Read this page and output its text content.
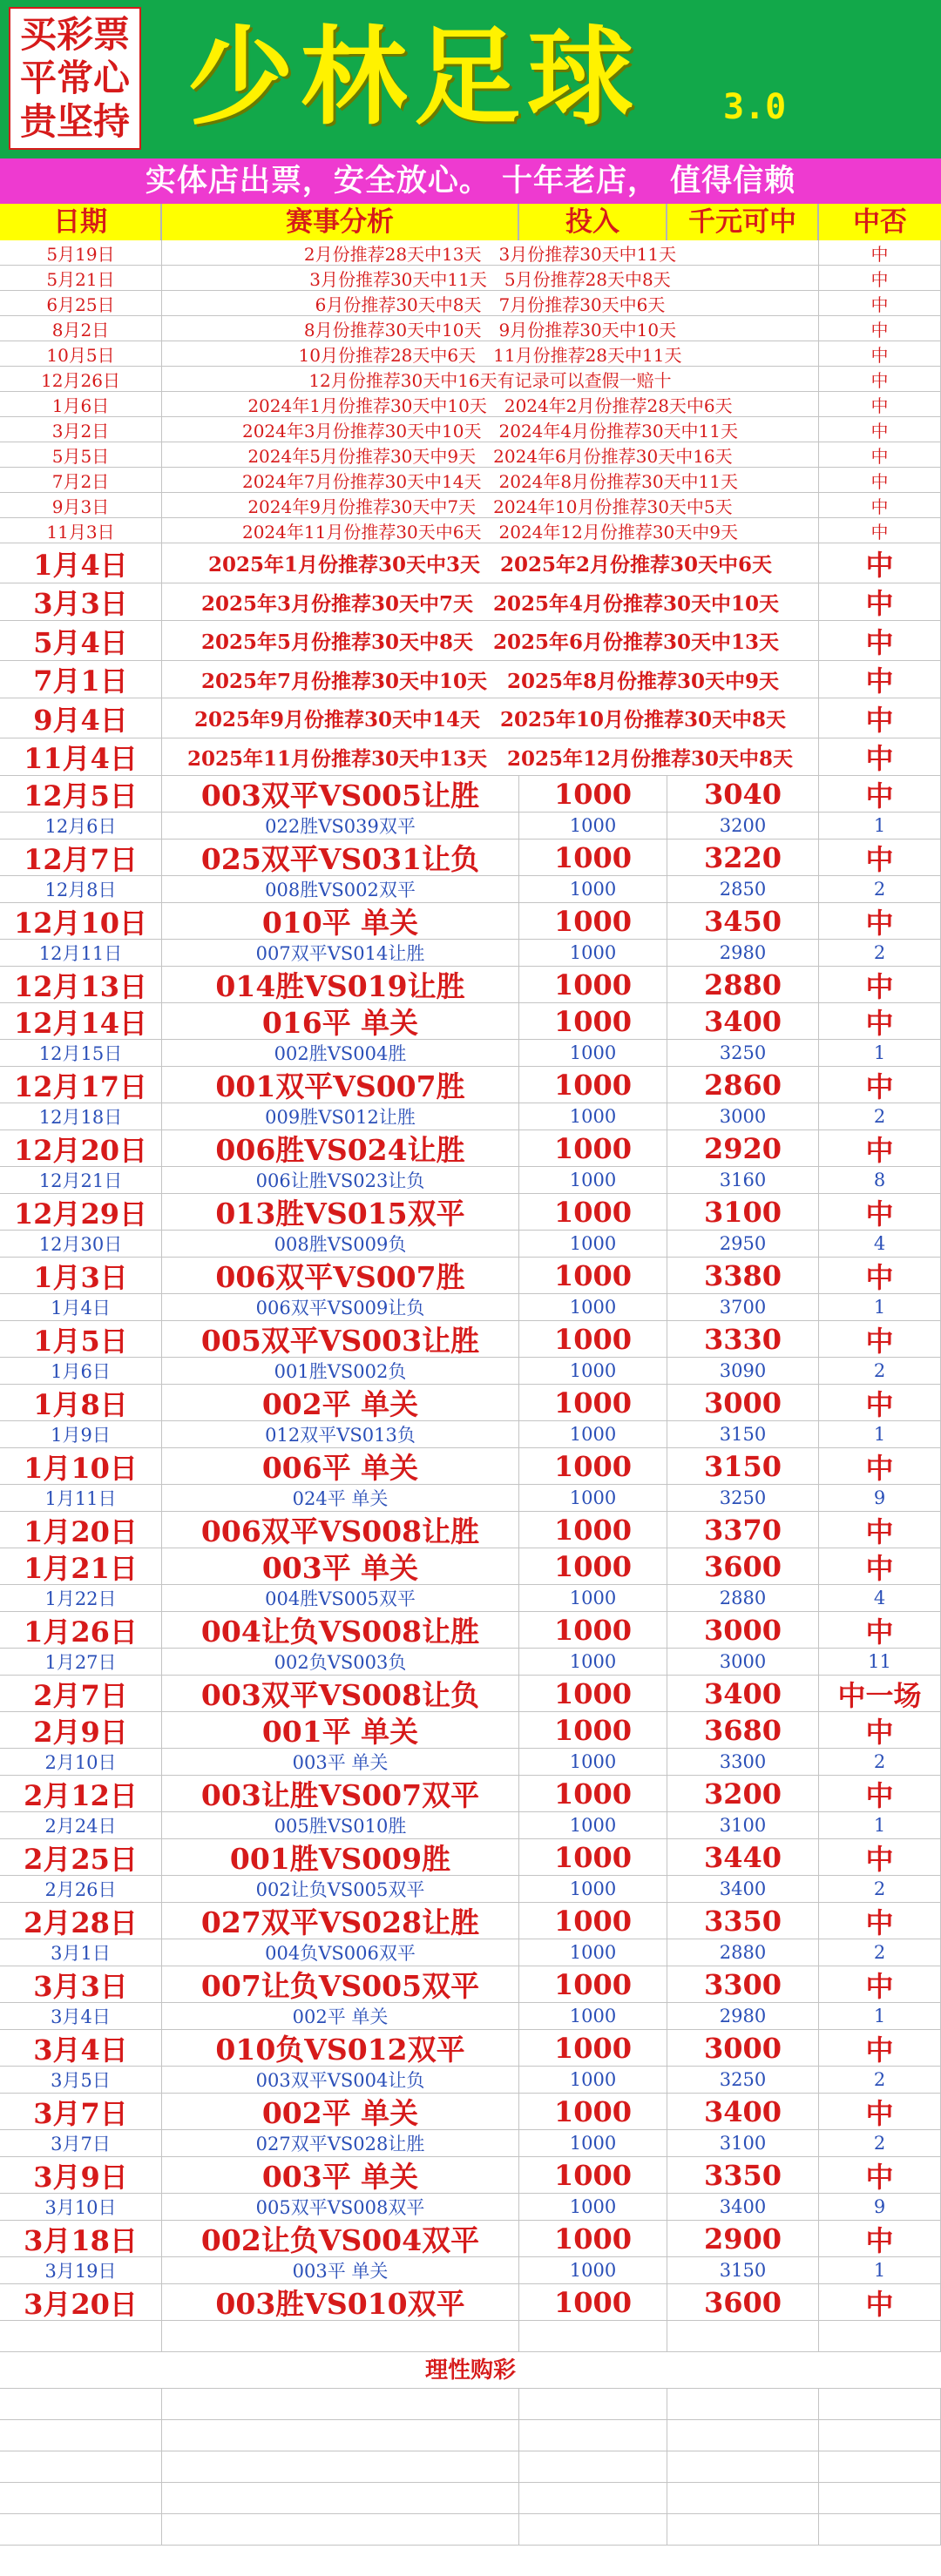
买彩票
平常心
贵坚持 少林足球 3.0
实体店出票，安全放心。 十年老店， 值得信赖
日期	赛事分析	投入	千元可中	中否
5月19日	2月份推荐28天中13天　3月份推荐30天中11天	中
5月21日	3月份推荐30天中11天　5月份推荐28天中8天	中
6月25日	6月份推荐30天中8天　7月份推荐30天中6天	中
8月2日	8月份推荐30天中10天　9月份推荐30天中10天	中
10月5日	10月份推荐28天中6天　11月份推荐28天中11天	中
12月26日	12月份推荐30天中16天有记录可以查假一赔十	中
1月6日	2024年1月份推荐30天中10天　2024年2月份推荐28天中6天	中
3月2日	2024年3月份推荐30天中10天　2024年4月份推荐30天中11天	中
5月5日	2024年5月份推荐30天中9天　2024年6月份推荐30天中16天	中
7月2日	2024年7月份推荐30天中14天　2024年8月份推荐30天中11天	中
9月3日	2024年9月份推荐30天中7天　2024年10月份推荐30天中5天	中
11月3日	2024年11月份推荐30天中6天　2024年12月份推荐30天中9天	中
1月4日	2025年1月份推荐30天中3天　2025年2月份推荐30天中6天	中
3月3日	2025年3月份推荐30天中7天　2025年4月份推荐30天中10天	中
5月4日	2025年5月份推荐30天中8天　2025年6月份推荐30天中13天	中
7月1日	2025年7月份推荐30天中10天　2025年8月份推荐30天中9天	中
9月4日	2025年9月份推荐30天中14天　2025年10月份推荐30天中8天	中
11月4日	2025年11月份推荐30天中13天　2025年12月份推荐30天中8天	中
12月5日	003双平VS005让胜	1000	3040	中
12月6日	022胜VS039双平	1000	3200	1
12月7日	025双平VS031让负	1000	3220	中
12月8日	008胜VS002双平	1000	2850	2
12月10日	010平 单关	1000	3450	中
12月11日	007双平VS014让胜	1000	2980	2
12月13日	014胜VS019让胜	1000	2880	中
12月14日	016平 单关	1000	3400	中
12月15日	002胜VS004胜	1000	3250	1
12月17日	001双平VS007胜	1000	2860	中
12月18日	009胜VS012让胜	1000	3000	2
12月20日	006胜VS024让胜	1000	2920	中
12月21日	006让胜VS023让负	1000	3160	8
12月29日	013胜VS015双平	1000	3100	中
12月30日	008胜VS009负	1000	2950	4
1月3日	006双平VS007胜	1000	3380	中
1月4日	006双平VS009让负	1000	3700	1
1月5日	005双平VS003让胜	1000	3330	中
1月6日	001胜VS002负	1000	3090	2
1月8日	002平 单关	1000	3000	中
1月9日	012双平VS013负	1000	3150	1
1月10日	006平 单关	1000	3150	中
1月11日	024平 单关	1000	3250	9
1月20日	006双平VS008让胜	1000	3370	中
1月21日	003平 单关	1000	3600	中
1月22日	004胜VS005双平	1000	2880	4
1月26日	004让负VS008让胜	1000	3000	中
1月27日	002负VS003负	1000	3000	11
2月7日	003双平VS008让负	1000	3400	中一场
2月9日	001平 单关	1000	3680	中
2月10日	003平 单关	1000	3300	2
2月12日	003让胜VS007双平	1000	3200	中
2月24日	005胜VS010胜	1000	3100	1
2月25日	001胜VS009胜	1000	3440	中
2月26日	002让负VS005双平	1000	3400	2
2月28日	027双平VS028让胜	1000	3350	中
3月1日	004负VS006双平	1000	2880	2
3月3日	007让负VS005双平	1000	3300	中
3月4日	002平 单关	1000	2980	1
3月4日	010负VS012双平	1000	3000	中
3月5日	003双平VS004让负	1000	3250	2
3月7日	002平 单关	1000	3400	中
3月7日	027双平VS028让胜	1000	3100	2
3月9日	003平 单关	1000	3350	中
3月10日	005双平VS008双平	1000	3400	9
3月18日	002让负VS004双平	1000	2900	中
3月19日	003平 单关	1000	3150	1
3月20日	003胜VS010双平	1000	3600	中
理性购彩
